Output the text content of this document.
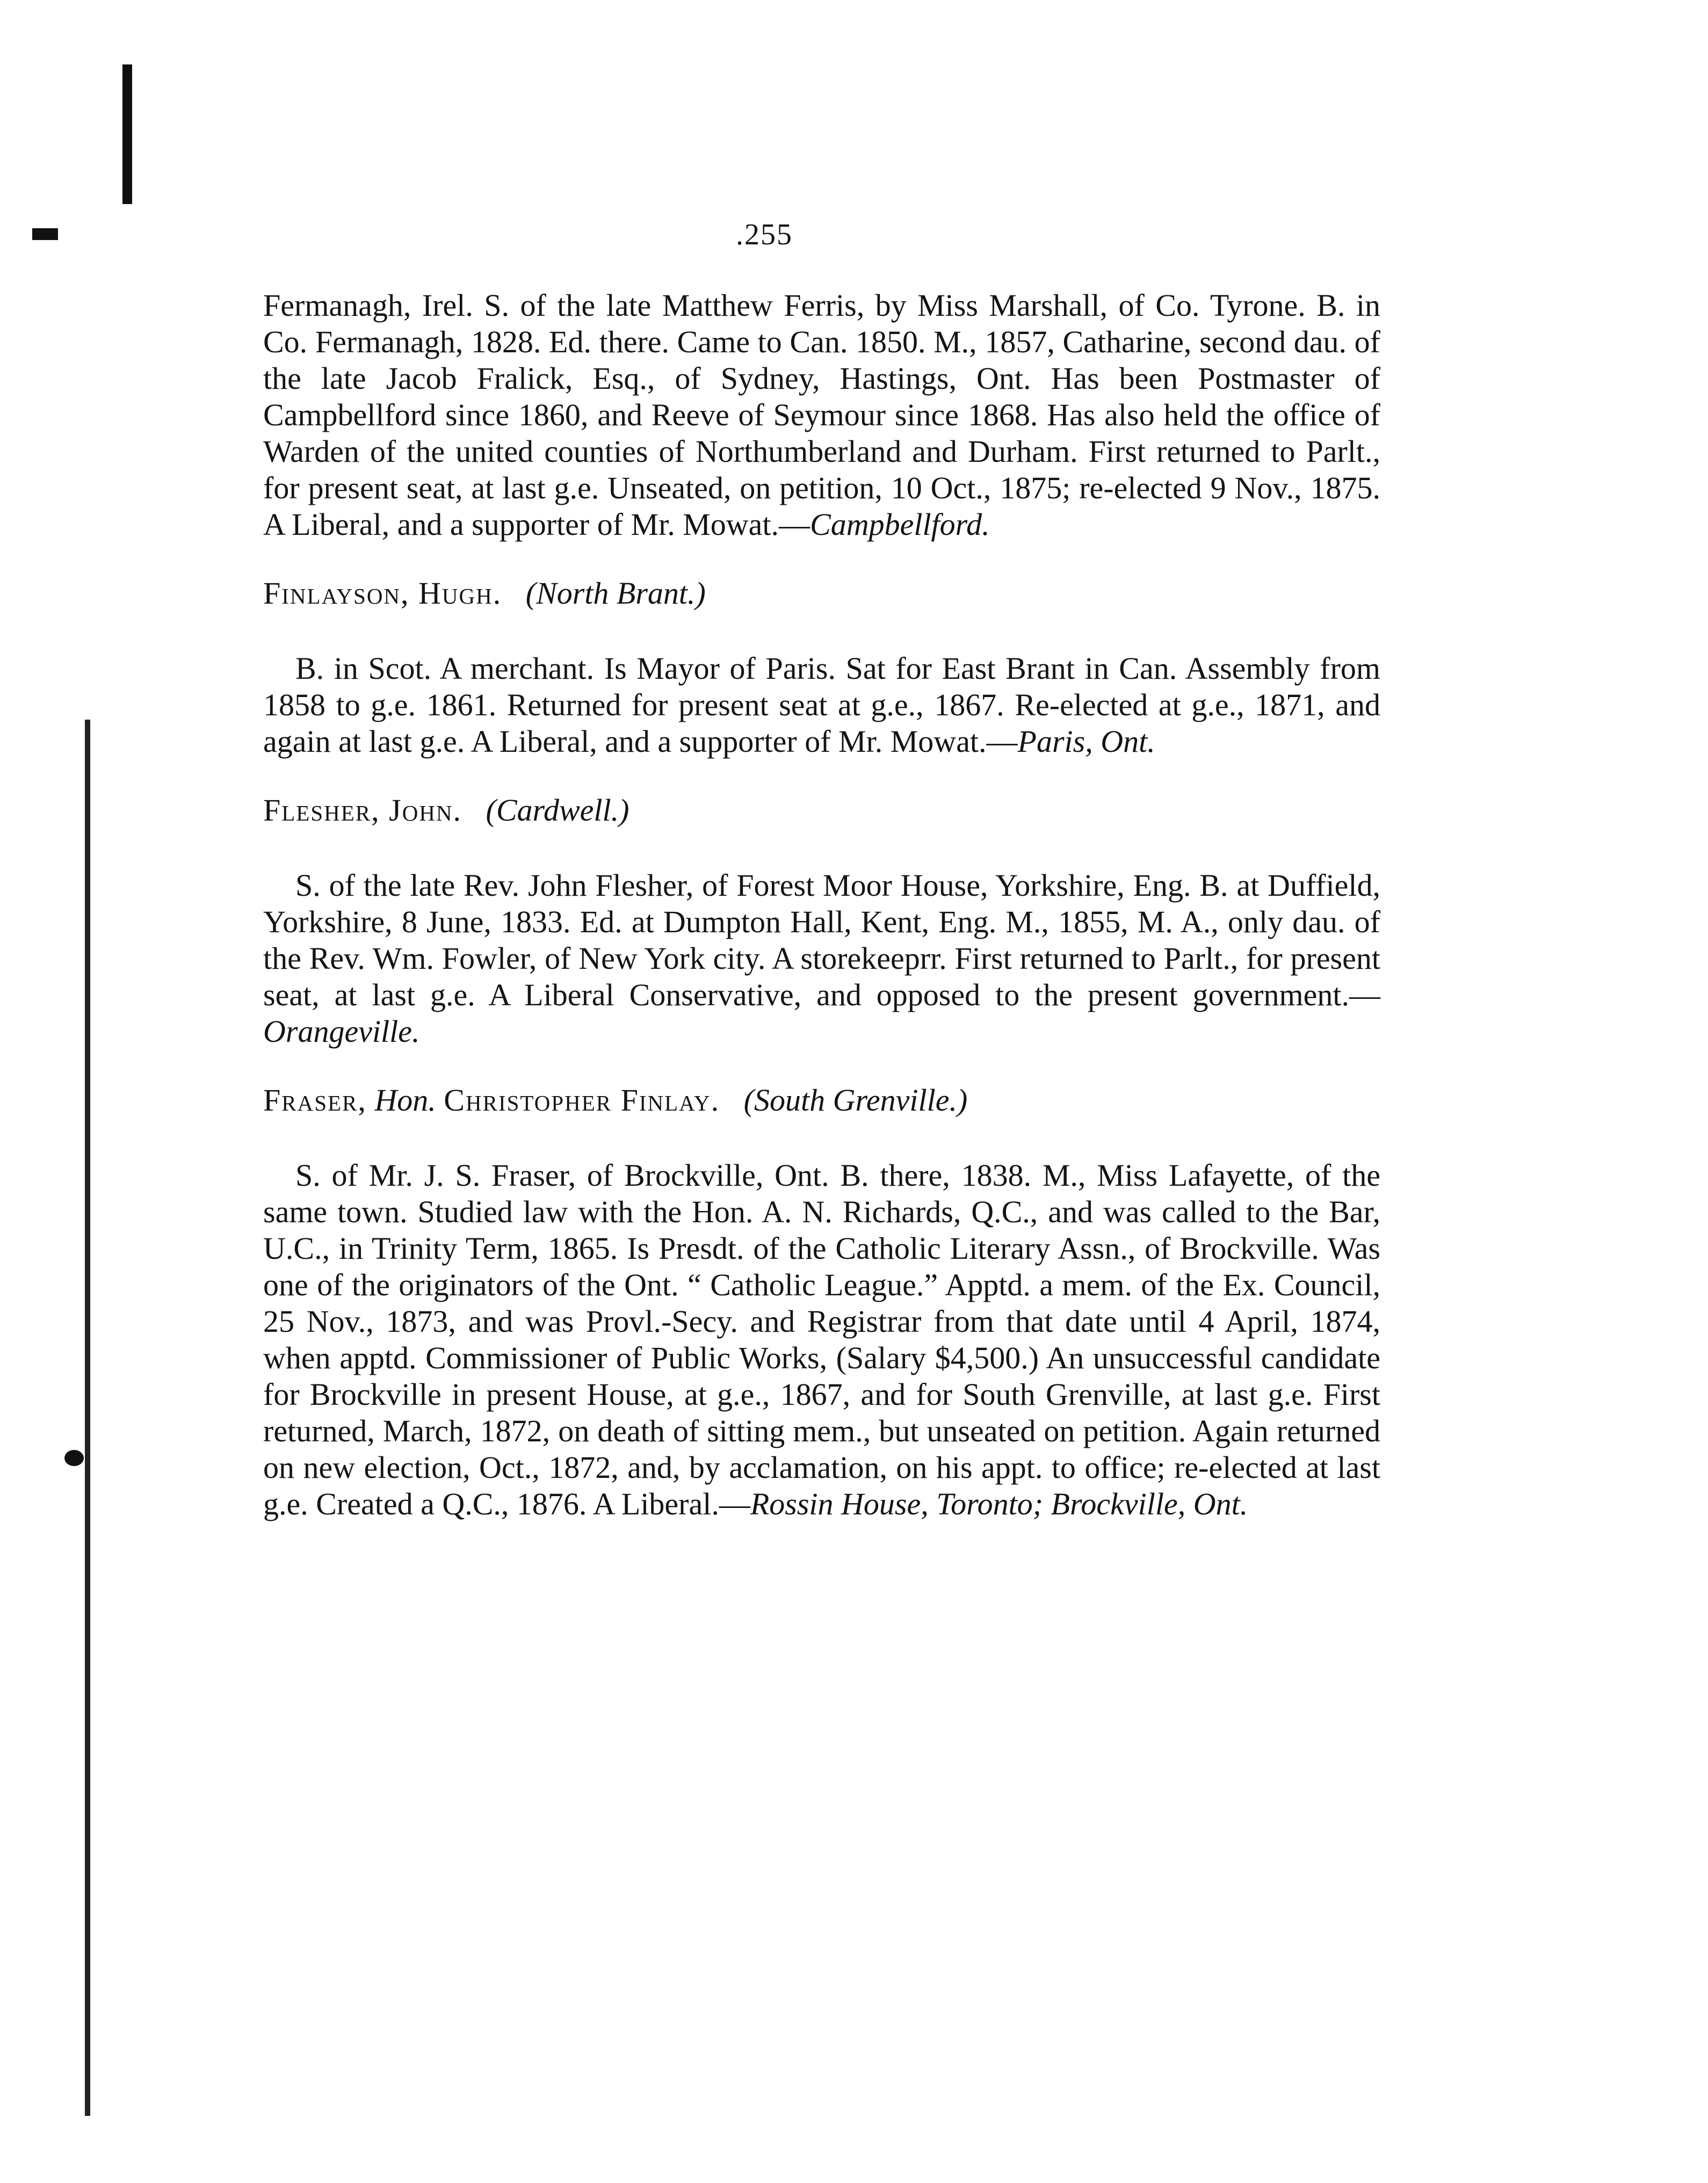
.255

Fermanagh, Irel. S. of the late Matthew Ferris, by Miss Marshall, of Co. Tyrone. B. in Co. Fermanagh, 1828. Ed. there. Came to Can. 1850. M., 1857, Catharine, second dau. of the late Jacob Fralick, Esq., of Sydney, Hastings, Ont. Has been Postmaster of Campbellford since 1860, and Reeve of Seymour since 1868. Has also held the office of Warden of the united counties of Northumberland and Durham. First returned to Parlt., for present seat, at last g.e. Unseated, on petition, 10 Oct., 1875; re-elected 9 Nov., 1875. A Liberal, and a supporter of Mr. Mowat.—Campbellford.

Finlayson, Hugh. (North Brant.)

B. in Scot. A merchant. Is Mayor of Paris. Sat for East Brant in Can. Assembly from 1858 to g.e. 1861. Returned for present seat at g.e., 1867. Re-elected at g.e., 1871, and again at last g.e. A Liberal, and a supporter of Mr. Mowat.—Paris, Ont.

Flesher, John. (Cardwell.)

S. of the late Rev. John Flesher, of Forest Moor House, Yorkshire, Eng. B. at Duffield, Yorkshire, 8 June, 1833. Ed. at Dumpton Hall, Kent, Eng. M., 1855, M. A., only dau. of the Rev. Wm. Fowler, of New York city. A storekeeprr. First returned to Parlt., for present seat, at last g.e. A Liberal Conservative, and opposed to the present government.—Orangeville.

Fraser, Hon. Christopher Finlay. (South Grenville.)

S. of Mr. J. S. Fraser, of Brockville, Ont. B. there, 1838. M., Miss Lafayette, of the same town. Studied law with the Hon. A. N. Richards, Q.C., and was called to the Bar, U.C., in Trinity Term, 1865. Is Presdt. of the Catholic Literary Assn., of Brockville. Was one of the originators of the Ont. “ Catholic League.” Apptd. a mem. of the Ex. Council, 25 Nov., 1873, and was Provl.-Secy. and Registrar from that date until 4 April, 1874, when apptd. Commissioner of Public Works, (Salary $4,500.) An unsuccessful candidate for Brockville in present House, at g.e., 1867, and for South Grenville, at last g.e. First returned, March, 1872, on death of sitting mem., but unseated on petition. Again returned on new election, Oct., 1872, and, by acclamation, on his appt. to office; re-elected at last g.e. Created a Q.C., 1876. A Liberal.—Rossin House, Toronto; Brockville, Ont.
